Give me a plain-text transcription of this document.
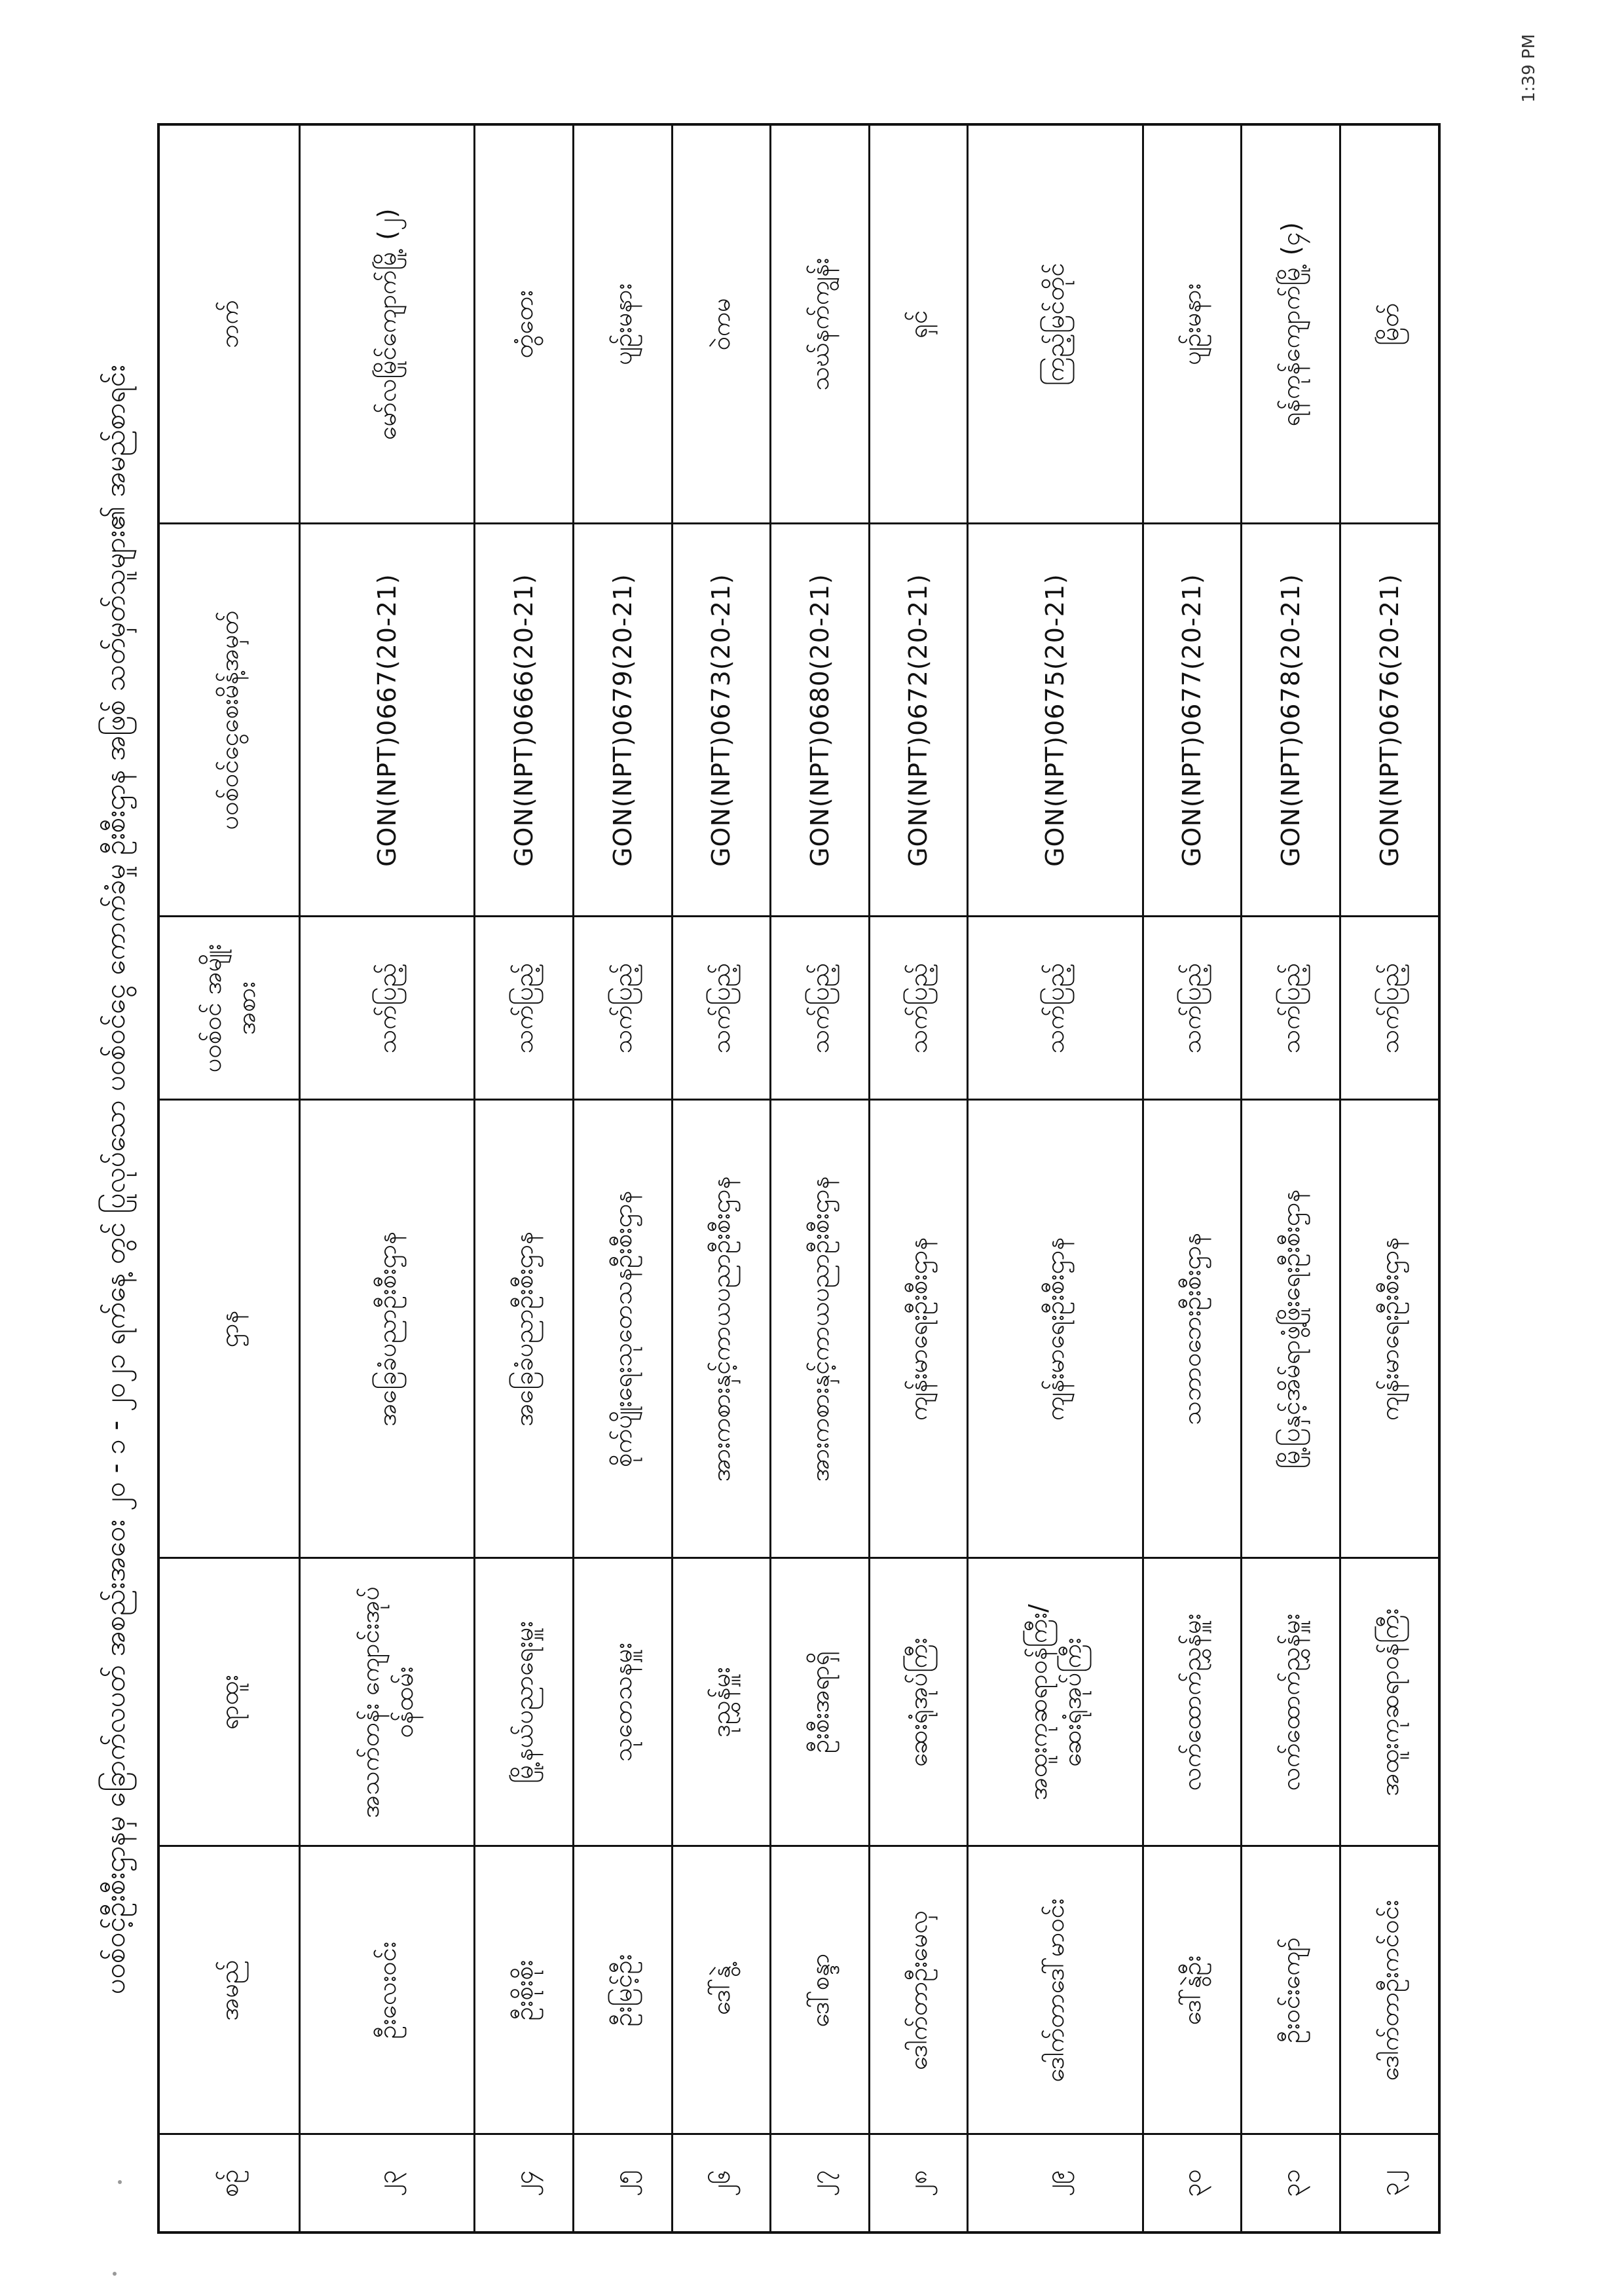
ပဝစ်ဝင့်ဦးစီးဌာနမှ ခြောက်လပတ် အစည်းအဝေး ၂၀ - ၁ - ၂၀၂၁ ရက်နေ့ တွင် ပြုလုပ်သော ပဝစ်ဝင်ငွေ ကောက်ခံမှု ဦးစီးဌာန အဖြစ် သတ်မှတ်သူများ၏ အမည်စာရင်း
စဉ်	အမည်	ရာထူး	ဌာန	ပဝစ်ဝင် အမျိုးအစား	ပဝစ်ဝင်ငွေစေးမိန့်အမှတ်	ဘက်
၂၃	ဦးလေးဝင်း	အသက်တန်း ကျောင်းအုပ် ဝန်ထမ်း	အခြေခံပညာဦးစီးဌာန	သက်ပြည့်	GON(NPT)0667(20-21)	မော်လမြိုင်ကျောက်မြို့ (၂)
၂၄	ဦးစိုးစိုး	မြို့နယ်ပညာရေးမှူး	အခြေခံပညာဦးစီးဌာန	သက်ပြည့်	GON(NPT)0666(20-21)	တွံတေး
၂၅	ဦးမြင့်ဦး	သုတေသနမှူး	စိုက်ပျိုးရေးသုတေသနဦးစီးဌာန	သက်ပြည့်	GON(NPT)0679(20-21)	ပျဉ်းမနား
၂၆	ဒေါ်နွဲ့	ဒုညွှန်မှူး	အားကစားနှင့်ကာယပညာဦးစီးဌာန	သက်ပြည့်	GON(NPT)0673(20-21)	ဝဲကမ
၂၇	ဒေါ်စန္ဒာ	ဦးစီးအရာရှိ	အားကစားနှင့်ကာယပညာဦးစီးဌာန	သက်ပြည့်	GON(NPT)0680(20-21)	သဃ်နက်ကျွန်း
၂၈	ဒေါက်တာဦးမေလှ	ဆေးရုံအုပ်ကြီး	ကျန်းမာရေးဦးစီးဌာန	သက်ပြည့်	GON(NPT)0672(20-21)	ရှင်
၂၉	ဒေါက်တာဒေါ်မာဝင်း	အထူးကုဆရာဝန်ကြီး/ ဆေးရုံအုပ်ကြီး	ကျန်းမာရေးဦးစီးဌာန	သက်ပြည့်	GON(NPT)0675(20-21)	ကြည့်မြင်တိုင်
၃၀	ဒေါ်နွဲဦး	လက်ထောက်ညွှန်မှူး	သဘာဝဘေးဦးစီးဌာန	သက်ပြည့်	GON(NPT)0677(20-21)	ပျဉ်းမနား
၃၁	ဦးဝင်းကျော်	လက်ထောက်ညွှန်မှူး	မြို့ပြနှင့်အိမ်ရာဖွံ့ဖြိုးရေးဦးစီးဌာန	သက်ပြည့်	GON(NPT)0678(20-21)	ရန်ကုန်ကျောက်မြို့ (၄)
၃၂	ဒေါက်တာဦးကင်ဝင်း	အထူးကုဆရာဝန်ကြီး	ကျန်းမာရေးဦးစီးဌာန	သက်ပြည့်	GON(NPT)0676(20-21)	မြိတ်
1:39 PM
